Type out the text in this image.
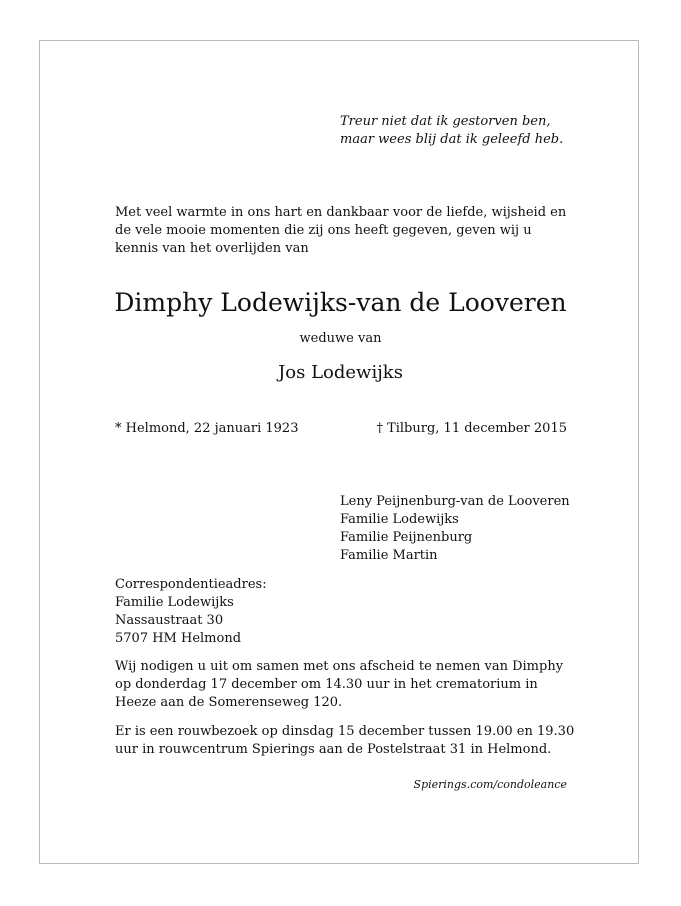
Treur niet dat ik gestorven ben,
maar wees blij dat ik geleefd heb.
Met veel warmte in ons hart en dankbaar voor de liefde, wijsheid en de vele mooie momenten die zij ons heeft gegeven, geven wij u kennis van het overlijden van
Dimphy Lodewijks-van de Looveren
weduwe van
Jos Lodewijks
* Helmond, 22 januari 1923	† Tilburg, 11 december 2015
Leny Peijnenburg-van de Looveren
Familie Lodewijks
Familie Peijnenburg
Familie Martin
Correspondentieadres:
Familie Lodewijks
Nassaustraat 30
5707 HM Helmond
Wij nodigen u uit om samen met ons afscheid te nemen van Dimphy op donderdag 17 december om 14.30 uur in het crematorium in Heeze aan de Somerenseweg 120.
Er is een rouwbezoek op dinsdag 15 december tussen 19.00 en 19.30 uur in rouwcentrum Spierings aan de Postelstraat 31 in Helmond.
Spierings.com/condoleance
